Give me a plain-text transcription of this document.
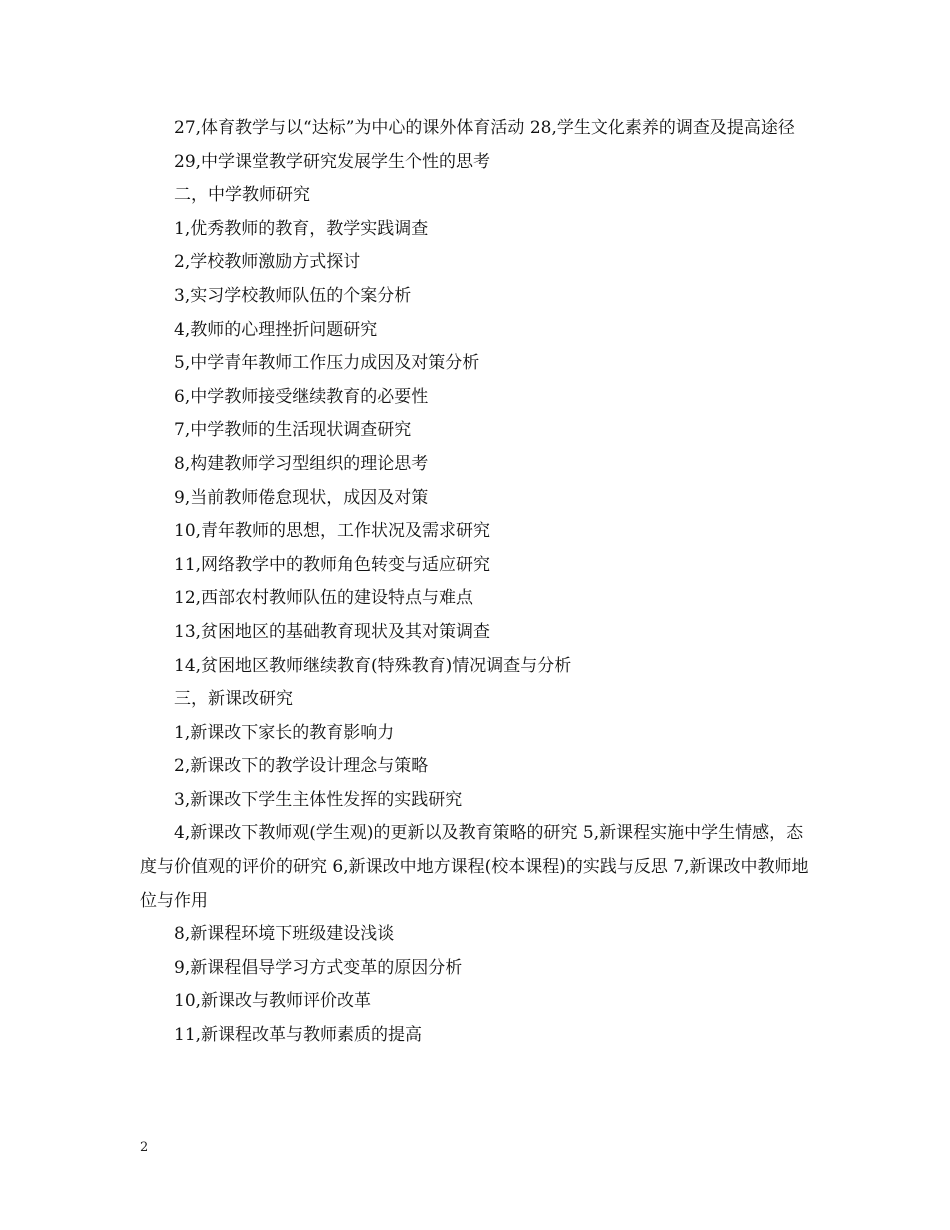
27,体育教学与以“达标”为中心的课外体育活动 28,学生文化素养的调查及提高途径

29,中学课堂教学研究发展学生个性的思考

二，中学教师研究

1,优秀教师的教育，教学实践调查

2,学校教师激励方式探讨

3,实习学校教师队伍的个案分析

4,教师的心理挫折问题研究

5,中学青年教师工作压力成因及对策分析

6,中学教师接受继续教育的必要性

7,中学教师的生活现状调查研究

8,构建教师学习型组织的理论思考

9,当前教师倦怠现状，成因及对策

10,青年教师的思想，工作状况及需求研究

11,网络教学中的教师角色转变与适应研究

12,西部农村教师队伍的建设特点与难点

13,贫困地区的基础教育现状及其对策调查

14,贫困地区教师继续教育(特殊教育)情况调查与分析

三，新课改研究

1,新课改下家长的教育影响力

2,新课改下的教学设计理念与策略

3,新课改下学生主体性发挥的实践研究

4,新课改下教师观(学生观)的更新以及教育策略的研究 5,新课程实施中学生情感，态度与价值观的评价的研究 6,新课改中地方课程(校本课程)的实践与反思 7,新课改中教师地位与作用

8,新课程环境下班级建设浅谈

9,新课程倡导学习方式变革的原因分析

10,新课改与教师评价改革

11,新课程改革与教师素质的提高

2
